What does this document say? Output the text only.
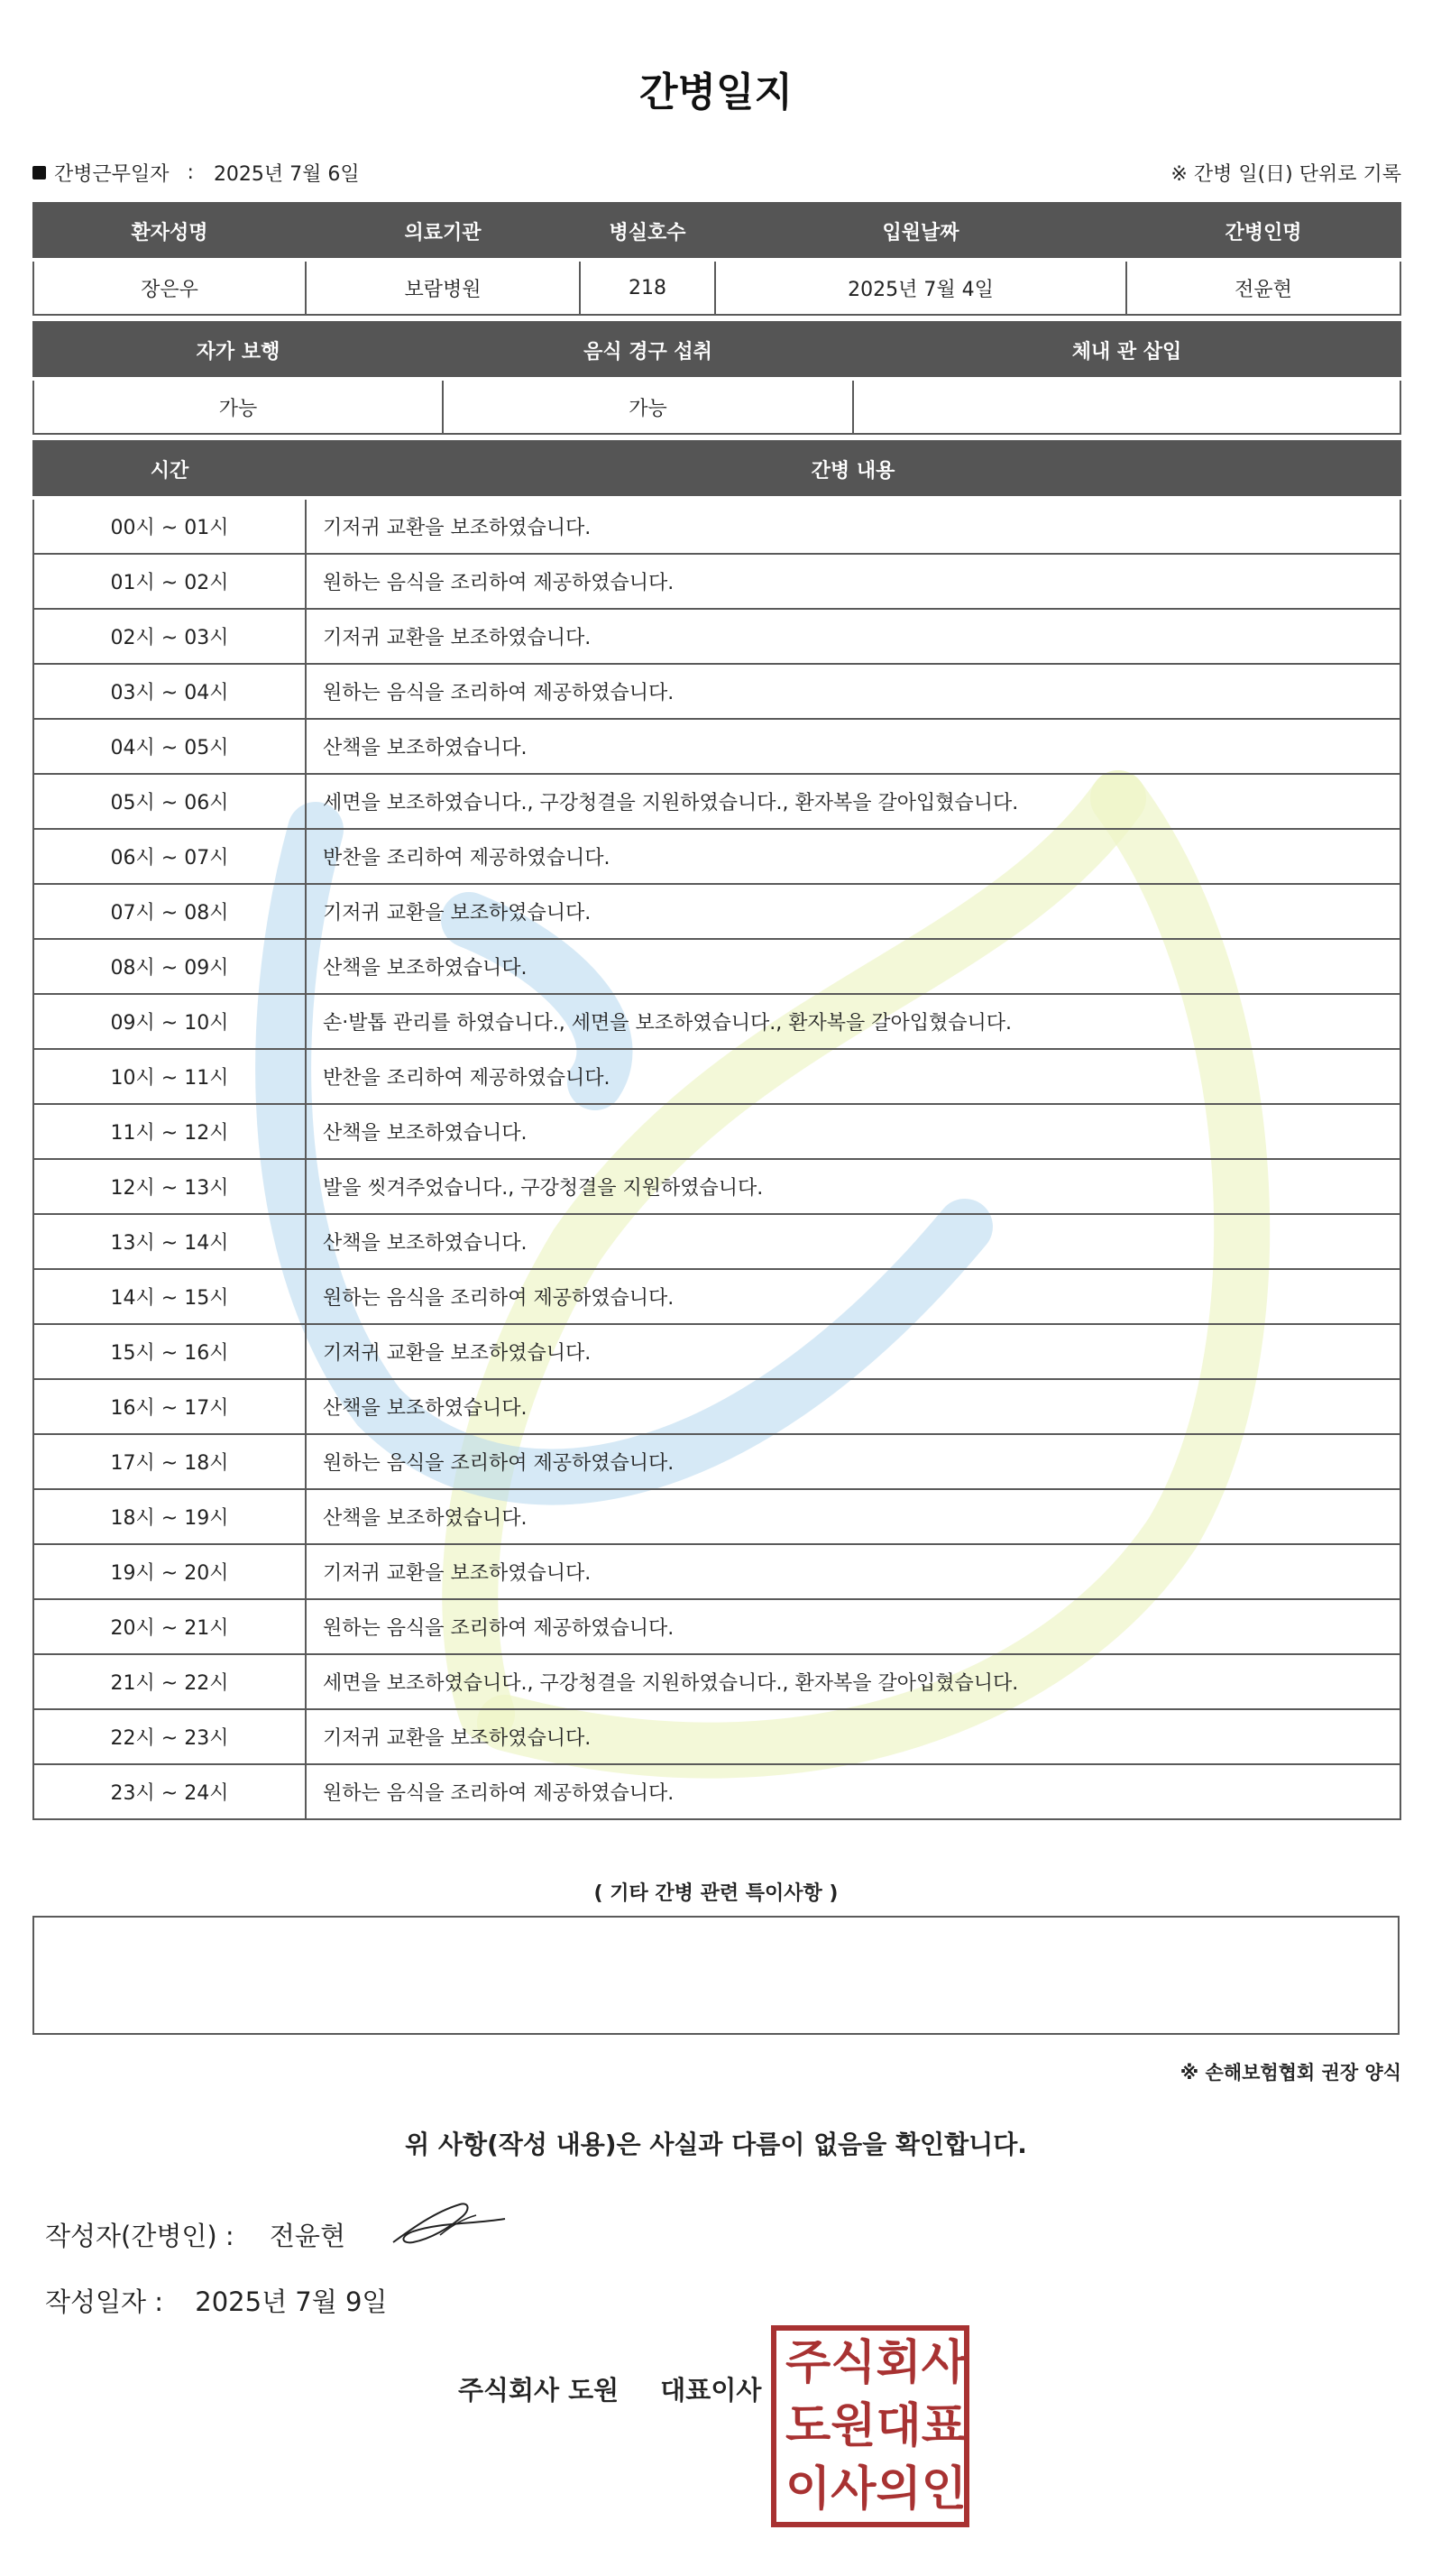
간병일지
간병근무일자 : 2025년 7월 6일	※ 간병 일(日) 단위로 기록
환자성명	의료기관	병실호수	입원날짜	간병인명
장은우	보람병원	218	2025년 7월 4일	전윤현
자가 보행	음식 경구 섭취	체내 관 삽입
가능	가능	
시간	간병 내용
00시 ~ 01시	기저귀 교환을 보조하였습니다.
01시 ~ 02시	원하는 음식을 조리하여 제공하였습니다.
02시 ~ 03시	기저귀 교환을 보조하였습니다.
03시 ~ 04시	원하는 음식을 조리하여 제공하였습니다.
04시 ~ 05시	산책을 보조하였습니다.
05시 ~ 06시	세면을 보조하였습니다., 구강청결을 지원하였습니다., 환자복을 갈아입혔습니다.
06시 ~ 07시	반찬을 조리하여 제공하였습니다.
07시 ~ 08시	기저귀 교환을 보조하였습니다.
08시 ~ 09시	산책을 보조하였습니다.
09시 ~ 10시	손‧발톱 관리를 하였습니다., 세면을 보조하였습니다., 환자복을 갈아입혔습니다.
10시 ~ 11시	반찬을 조리하여 제공하였습니다.
11시 ~ 12시	산책을 보조하였습니다.
12시 ~ 13시	발을 씻겨주었습니다., 구강청결을 지원하였습니다.
13시 ~ 14시	산책을 보조하였습니다.
14시 ~ 15시	원하는 음식을 조리하여 제공하였습니다.
15시 ~ 16시	기저귀 교환을 보조하였습니다.
16시 ~ 17시	산책을 보조하였습니다.
17시 ~ 18시	원하는 음식을 조리하여 제공하였습니다.
18시 ~ 19시	산책을 보조하였습니다.
19시 ~ 20시	기저귀 교환을 보조하였습니다.
20시 ~ 21시	원하는 음식을 조리하여 제공하였습니다.
21시 ~ 22시	세면을 보조하였습니다., 구강청결을 지원하였습니다., 환자복을 갈아입혔습니다.
22시 ~ 23시	기저귀 교환을 보조하였습니다.
23시 ~ 24시	원하는 음식을 조리하여 제공하였습니다.
( 기타 간병 관련 특이사항 )
※ 손해보험협회 권장 양식
위 사항(작성 내용)은 사실과 다름이 없음을 확인합니다.
작성자(간병인) : 전윤현
작성일자 : 2025년 7월 9일
주식회사 도원 대표이사 주 식 회 사
도 원 대 표
이 사 의 인
